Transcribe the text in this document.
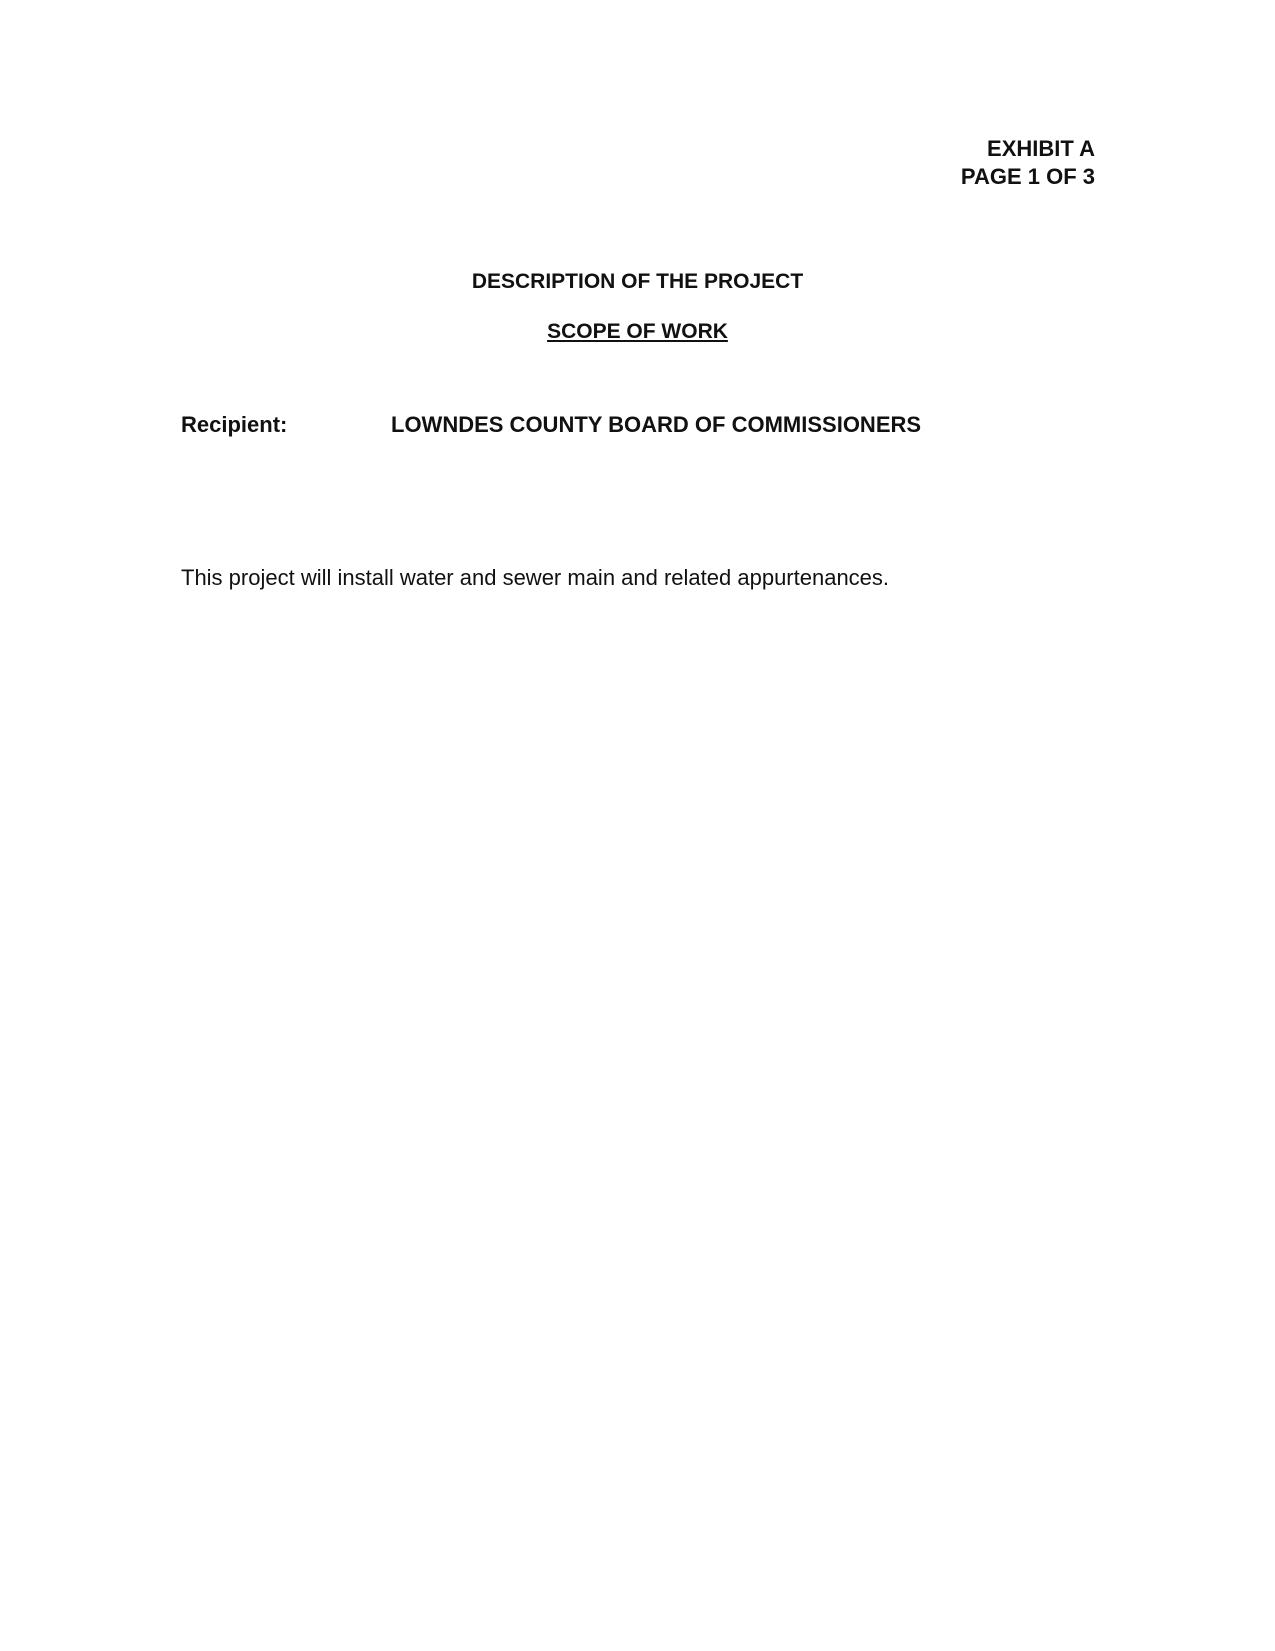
EXHIBIT A
PAGE 1 OF 3
DESCRIPTION OF THE PROJECT
SCOPE OF WORK
Recipient:	LOWNDES COUNTY BOARD OF COMMISSIONERS
This project will install water and sewer main and related appurtenances.
